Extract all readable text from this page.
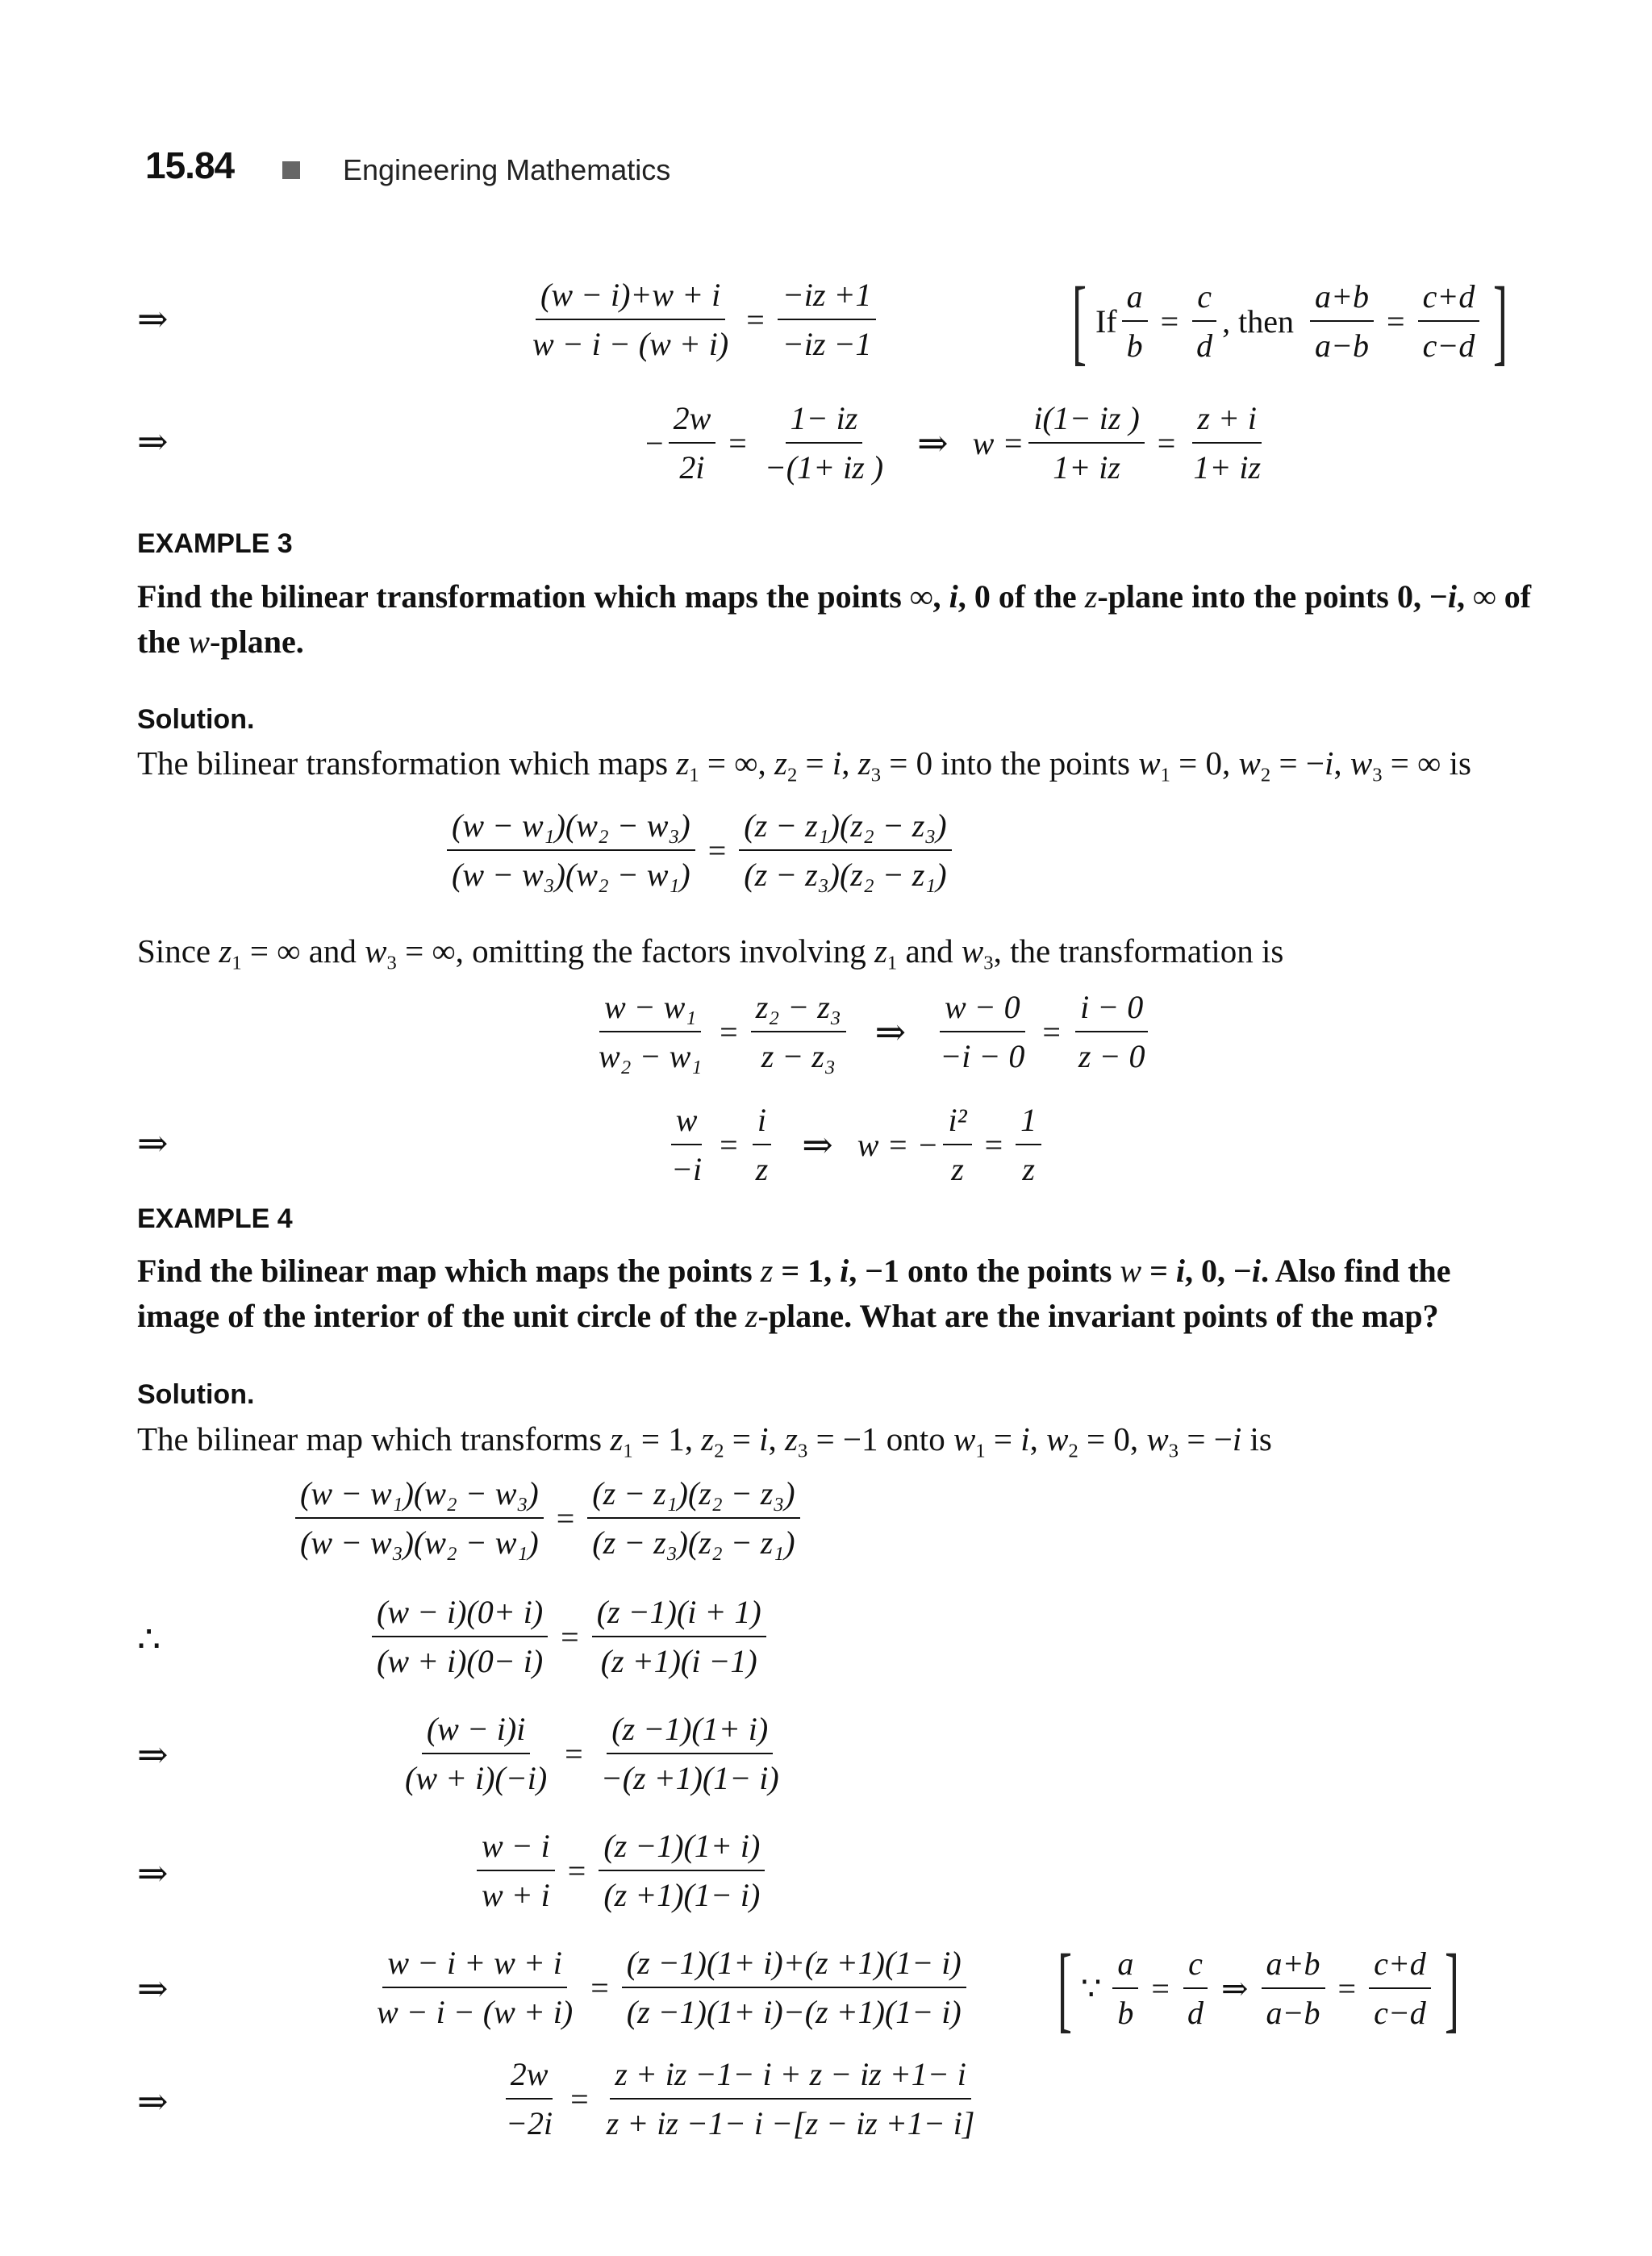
15.84	Engineering Mathematics
⇒	$\frac{(w - i)+w + i}{w - i - (w + i)} = \frac{-iz +1}{-iz -1}$ [ If $\frac{a}{b} = \frac{c}{d}$ , then $\frac{a+b}{a-b} = \frac{c+d}{c-d}$ ]
⇒	− $\frac{2w}{2i} = \frac{1- iz}{-(1+ iz )}$ ⇒ $w = \frac{i(1- iz )}{1+ iz} = \frac{z + i}{1+ iz}$
EXAMPLE 3
Find the bilinear transformation which maps the points ∞, i, 0 of the z-plane into the points 0, −i, ∞ of the w-plane.
Solution.
The bilinear transformation which maps $z_1$ = ∞, $z_2 = i$, $z_3 = 0$ into the points $w_1 = 0$, $w_2 = -i$, $w_3$ = ∞ is
$\frac{\text{(w − w₁)(w₂ − w₃)}}{\text{(w − w₃)(w₂ − w₁)}} = \frac{\text{(z − z₁)(z₂ − z₃)}}{\text{(z − z₃)(z₂ − z₁)}}$
Since $z_1$ = ∞ and $w_3$ = ∞, omitting the factors involving $z_1$ and $w_3$, the transformation is
$\frac{\text{w − w₁}}{\text{w₂ − w₁}} = \frac{\text{z₂ − z₃}}{\text{z − z₃}}$ ⇒ $\frac{w - 0}{-i - 0} = \frac{i - 0}{z - 0}$
⇒	$\frac{w}{-i} = \frac{i}{z}$ ⇒ w = − $\frac{\text{i²}}{z} = \frac{1}{z}$
EXAMPLE 4
Find the bilinear map which maps the points z = 1, i, −1 onto the points w = i, 0, −i. Also find the
image of the interior of the unit circle of the z-plane. What are the invariant points of the map?
Solution.
The bilinear map which transforms $z_1 = 1$, $z_2 = i$, $z_3 = -1$ onto $w_1 = i$, $w_2 = 0$, $w_3 = -i$ is
$\frac{\text{(w − w₁)(w₂ − w₃)}}{\text{(w − w₃)(w₂ − w₁)}} = \frac{\text{(z − z₁)(z₂ − z₃)}}{\text{(z − z₃)(z₂ − z₁)}}$
∴	$\frac{(w - i)(0+ i)}{(w + i)(0- i)} = \frac{(z -1)(i + 1)}{(z +1)(i -1)}$
⇒	$\frac{(w - i)i}{(w + i)(-i)} = \frac{(z -1)(1+ i)}{-(z +1)(1- i)}$
⇒	$\frac{w - i}{w + i} = \frac{(z -1)(1+ i)}{(z +1)(1- i)}$
⇒	$\frac{w - i + w + i}{w - i - (w + i)} = \frac{(z -1)(1+ i)+(z +1)(1- i)}{(z -1)(1+ i)-(z +1)(1- i)}$ [ ∵ $\frac{a}{b} = \frac{c}{d}$ ⇒ $\frac{a+b}{a-b} = \frac{c+d}{c-d}$ ]
⇒	$\frac{2w}{-2i} = \frac{z + iz -1- i + z - iz +1- i}{z + iz -1- i -[z - iz +1- i]}$
